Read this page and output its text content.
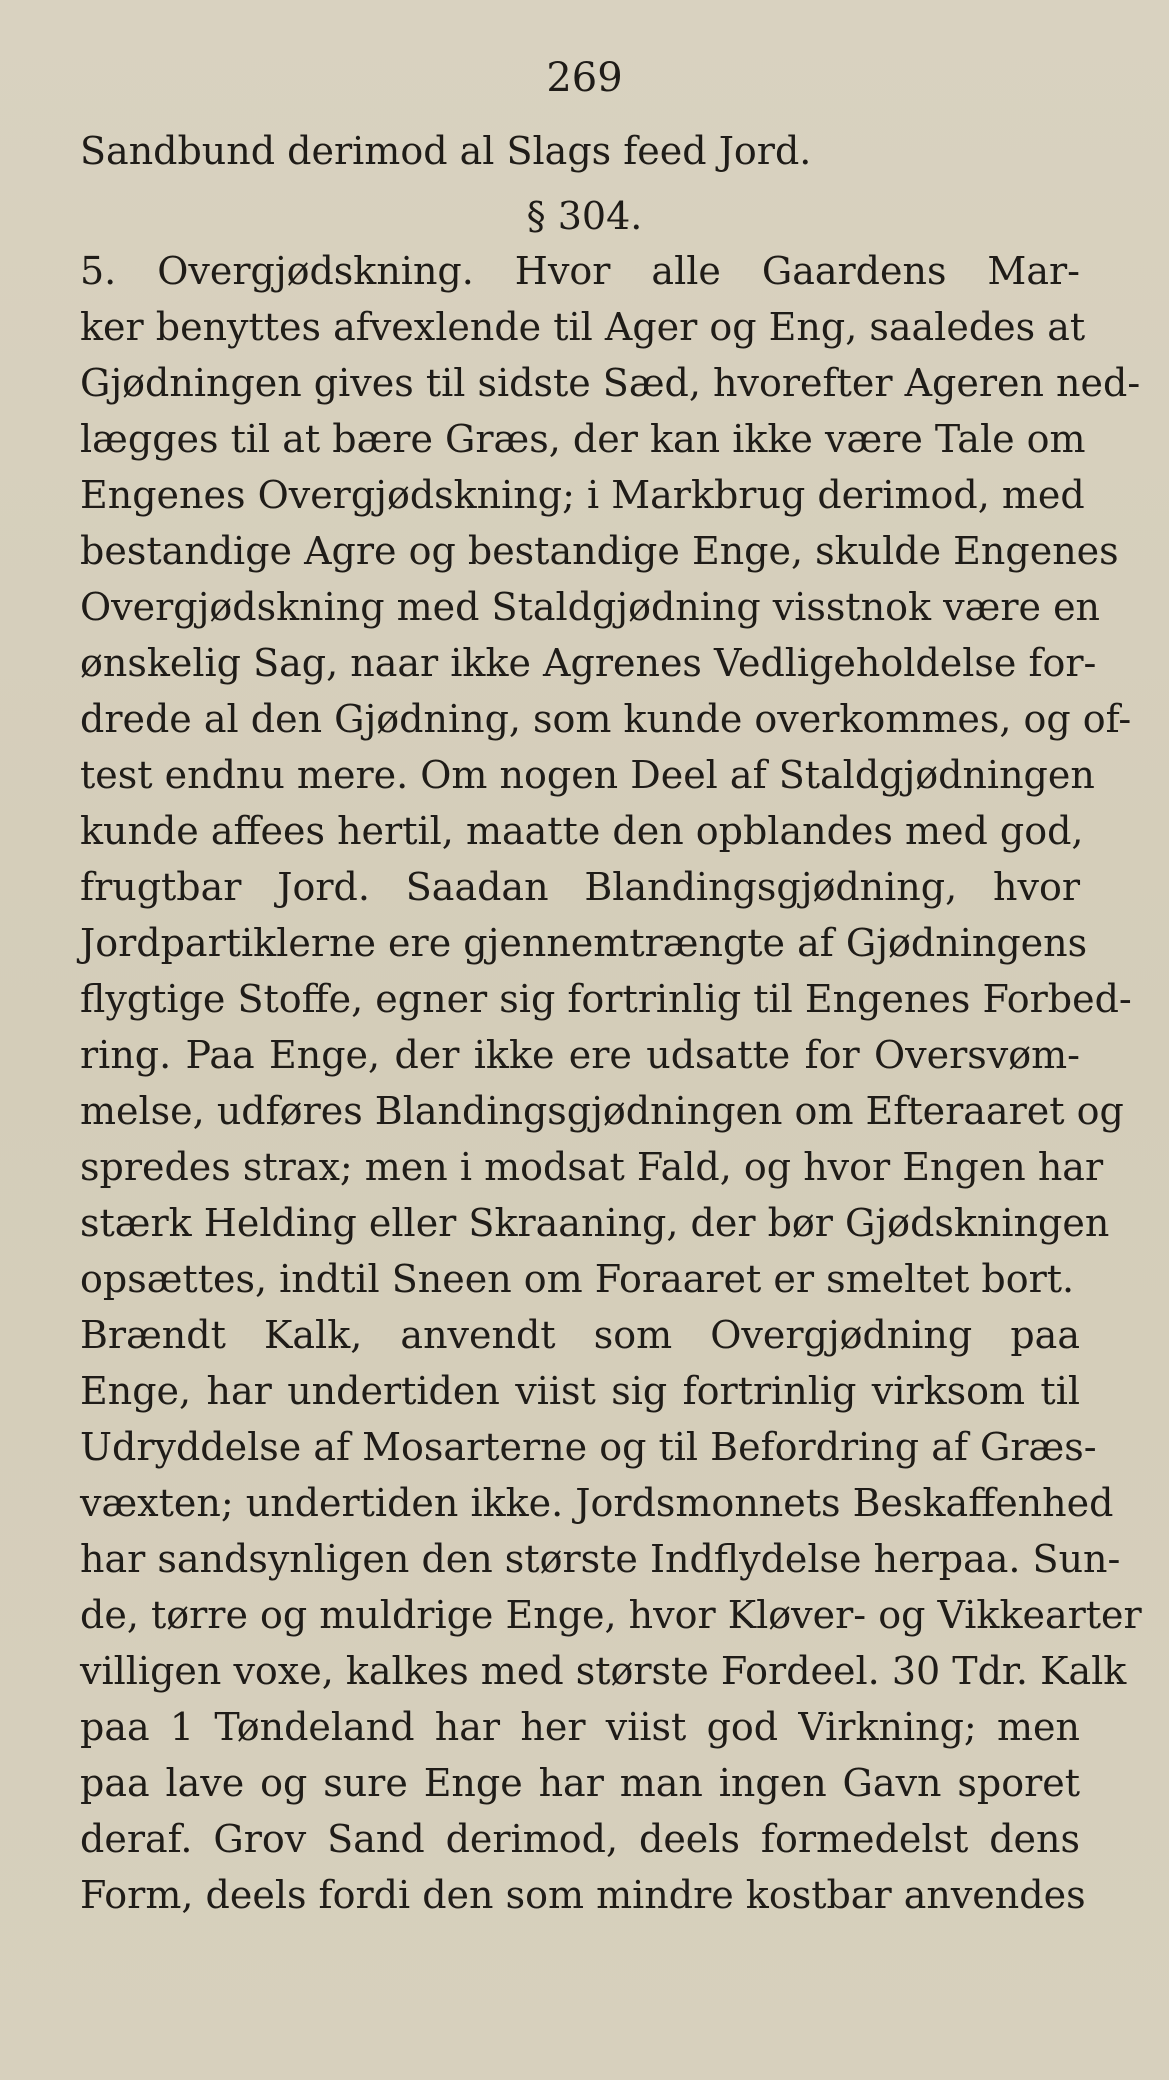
269
Sandbund derimod al Slags feed Jord.
§ 304.
5. Overgjødskning. Hvor alle Gaardens Mar-
ker benyttes afvexlende til Ager og Eng, saaledes at
Gjødningen gives til sidste Sæd, hvorefter Ageren ned-
lægges til at bære Græs, der kan ikke være Tale om
Engenes Overgjødskning; i Markbrug derimod, med
bestandige Agre og bestandige Enge, skulde Engenes
Overgjødskning med Staldgjødning visstnok være en
ønskelig Sag, naar ikke Agrenes Vedligeholdelse for-
drede al den Gjødning, som kunde overkommes, og of-
test endnu mere. Om nogen Deel af Staldgjødningen
kunde affees hertil, maatte den opblandes med god,
frugtbar Jord. Saadan Blandingsgjødning, hvor
Jordpartiklerne ere gjennemtrængte af Gjødningens
flygtige Stoffe, egner sig fortrinlig til Engenes Forbed-
ring. Paa Enge, der ikke ere udsatte for Oversvøm-
melse, udføres Blandingsgjødningen om Efteraaret og
spredes strax; men i modsat Fald, og hvor Engen har
stærk Helding eller Skraaning, der bør Gjødskningen
opsættes, indtil Sneen om Foraaret er smeltet bort.
Brændt Kalk, anvendt som Overgjødning paa
Enge, har undertiden viist sig fortrinlig virksom til
Udryddelse af Mosarterne og til Befordring af Græs-
væxten; undertiden ikke. Jordsmonnets Beskaffenhed
har sandsynligen den største Indflydelse herpaa. Sun-
de, tørre og muldrige Enge, hvor Kløver- og Vikkearter
villigen voxe, kalkes med største Fordeel. 30 Tdr. Kalk
paa 1 Tøndeland har her viist god Virkning; men
paa lave og sure Enge har man ingen Gavn sporet
deraf. Grov Sand derimod, deels formedelst dens
Form, deels fordi den som mindre kostbar anvendes
